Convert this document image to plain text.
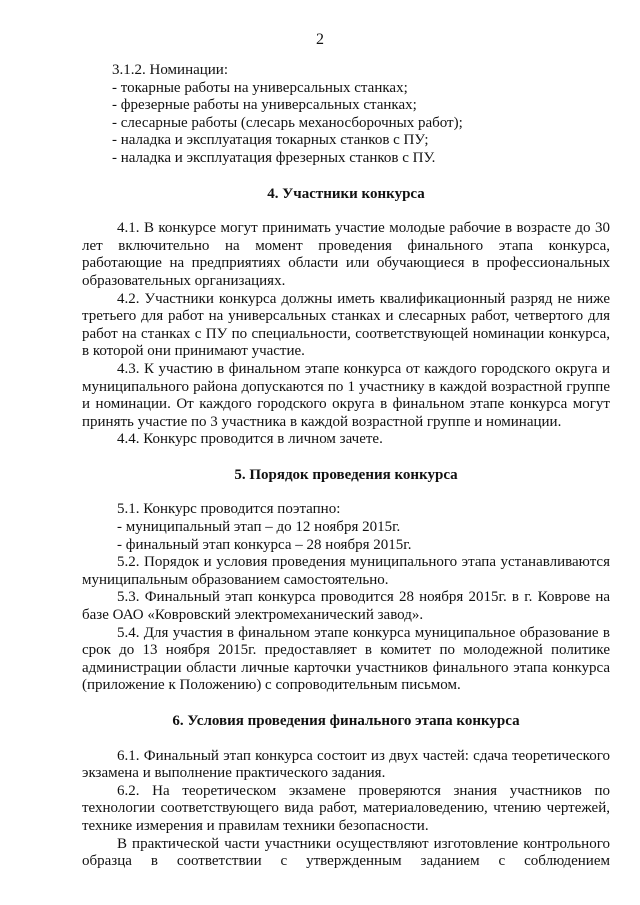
2

3.1.2. Номинации:

- токарные работы на универсальных станках;

- фрезерные работы на универсальных станках;

- слесарные работы (слесарь механосборочных работ);

- наладка и эксплуатация токарных станков с ПУ;

- наладка и эксплуатация фрезерных станков с ПУ.

4. Участники конкурса

4.1. В конкурсе могут принимать участие молодые рабочие в возрасте до 30 лет включительно на момент проведения финального этапа конкурса, работающие на предприятиях области или обучающиеся в профессиональных образовательных организациях.

4.2. Участники конкурса должны иметь квалификационный разряд не ниже третьего для работ на универсальных станках и слесарных работ, четвертого для работ на станках с ПУ по специальности, соответствующей номинации конкурса, в которой они принимают участие.

4.3. К участию в финальном этапе конкурса от каждого городского округа и муниципального района допускаются по 1 участнику в каждой возрастной группе и номинации. От каждого городского округа в финальном этапе конкурса могут принять участие по 3 участника в каждой возрастной группе и номинации.

4.4. Конкурс проводится в личном зачете.

5. Порядок проведения конкурса

5.1. Конкурс проводится поэтапно:

- муниципальный этап – до 12 ноября 2015г.

- финальный этап конкурса – 28 ноября 2015г.

5.2. Порядок и условия проведения муниципального этапа устанавливаются муниципальным образованием самостоятельно.

5.3. Финальный этап конкурса проводится 28 ноября 2015г. в г. Коврове на базе ОАО «Ковровский электромеханический завод».

5.4. Для участия в финальном этапе конкурса муниципальное образование в срок до 13 ноября 2015г. предоставляет в комитет по молодежной политике администрации области личные карточки участников финального этапа конкурса (приложение к Положению) с сопроводительным письмом.

6. Условия проведения финального этапа конкурса

6.1. Финальный этап конкурса состоит из двух частей: сдача теоретического экзамена и выполнение практического задания.

6.2. На теоретическом экзамене проверяются знания участников по технологии соответствующего вида работ, материаловедению, чтению чертежей, технике измерения и правилам техники безопасности.

В практической части участники осуществляют изготовление контрольного образца в соответствии с утвержденным заданием с соблюдением
